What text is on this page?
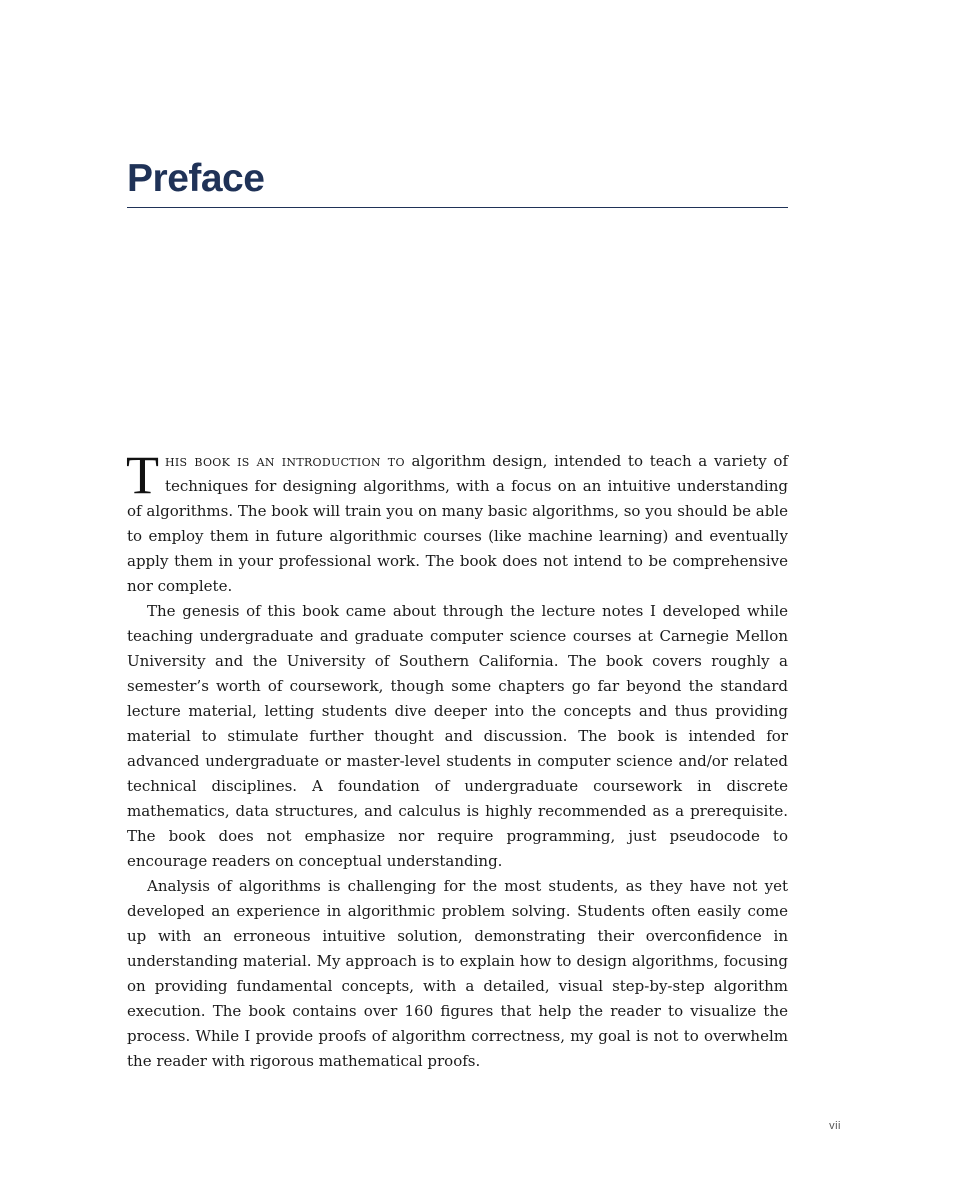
Preface

This book is an introduction to algorithm design, intended to teach a variety of techniques for designing algorithms, with a focus on an intuitive understanding of algorithms. The book will train you on many basic algorithms, so you should be able to employ them in future algorithmic courses (like machine learning) and eventually apply them in your professional work. The book does not intend to be comprehensive nor complete.

The genesis of this book came about through the lecture notes I developed while teaching undergraduate and graduate computer science courses at Carnegie Mellon University and the University of Southern California. The book covers roughly a semester’s worth of coursework, though some chapters go far beyond the standard lecture material, letting students dive deeper into the concepts and thus providing material to stimulate further thought and discussion. The book is intended for advanced undergraduate or master-level students in computer science and/or related technical disciplines. A foundation of undergraduate coursework in discrete mathematics, data structures, and calculus is highly recommended as a prerequisite. The book does not emphasize nor require programming, just pseudocode to encourage readers on conceptual understanding.

Analysis of algorithms is challenging for the most students, as they have not yet developed an experience in algorithmic problem solving. Students often easily come up with an erroneous intuitive solution, demonstrating their overconfidence in understanding material. My approach is to explain how to design algorithms, focusing on providing fundamental concepts, with a detailed, visual step-by-step algorithm execution. The book contains over 160 figures that help the reader to visualize the process. While I provide proofs of algorithm correctness, my goal is not to overwhelm the reader with rigorous mathematical proofs.

vii
